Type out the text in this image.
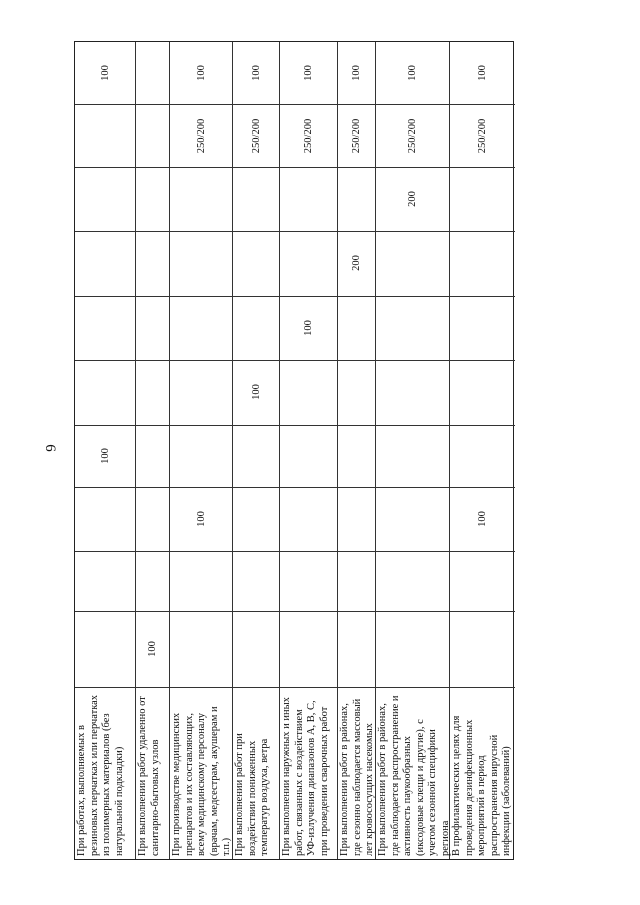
6
При работах, выполняемых в резиновых перчатках или перчатках из полимерных материалов (без натуральной подкладки)
100
100
При выполнении работ удаленно от санитарно-бытовых узлов
100
При производстве медицинских препаратов и их составляющих, всему медицинскому персоналу (врачам, медсестрам, акушерам и т.п.)
100
250/200
100
При выполнении работ при воздействии пониженных температур воздуха, ветра
100
250/200
100
При выполнении наружных и иных работ, связанных с воздействием УФ-излучения диапазонов А, В, С, при проведении сварочных работ
100
250/200
100
При выполнении работ в районах, где сезонно наблюдается массовый лет кровососущих насекомых
200
250/200
100
При выполнении работ в районах, где наблюдается распространение и активность паукообразных (иксодовые клещи и другие), с учетом сезонной специфики региона
200
250/200
100
В профилактических целях для проведения дезинфекционных мероприятий в период распространения вирусной инфекции (заболеваний)
100
250/200
100
